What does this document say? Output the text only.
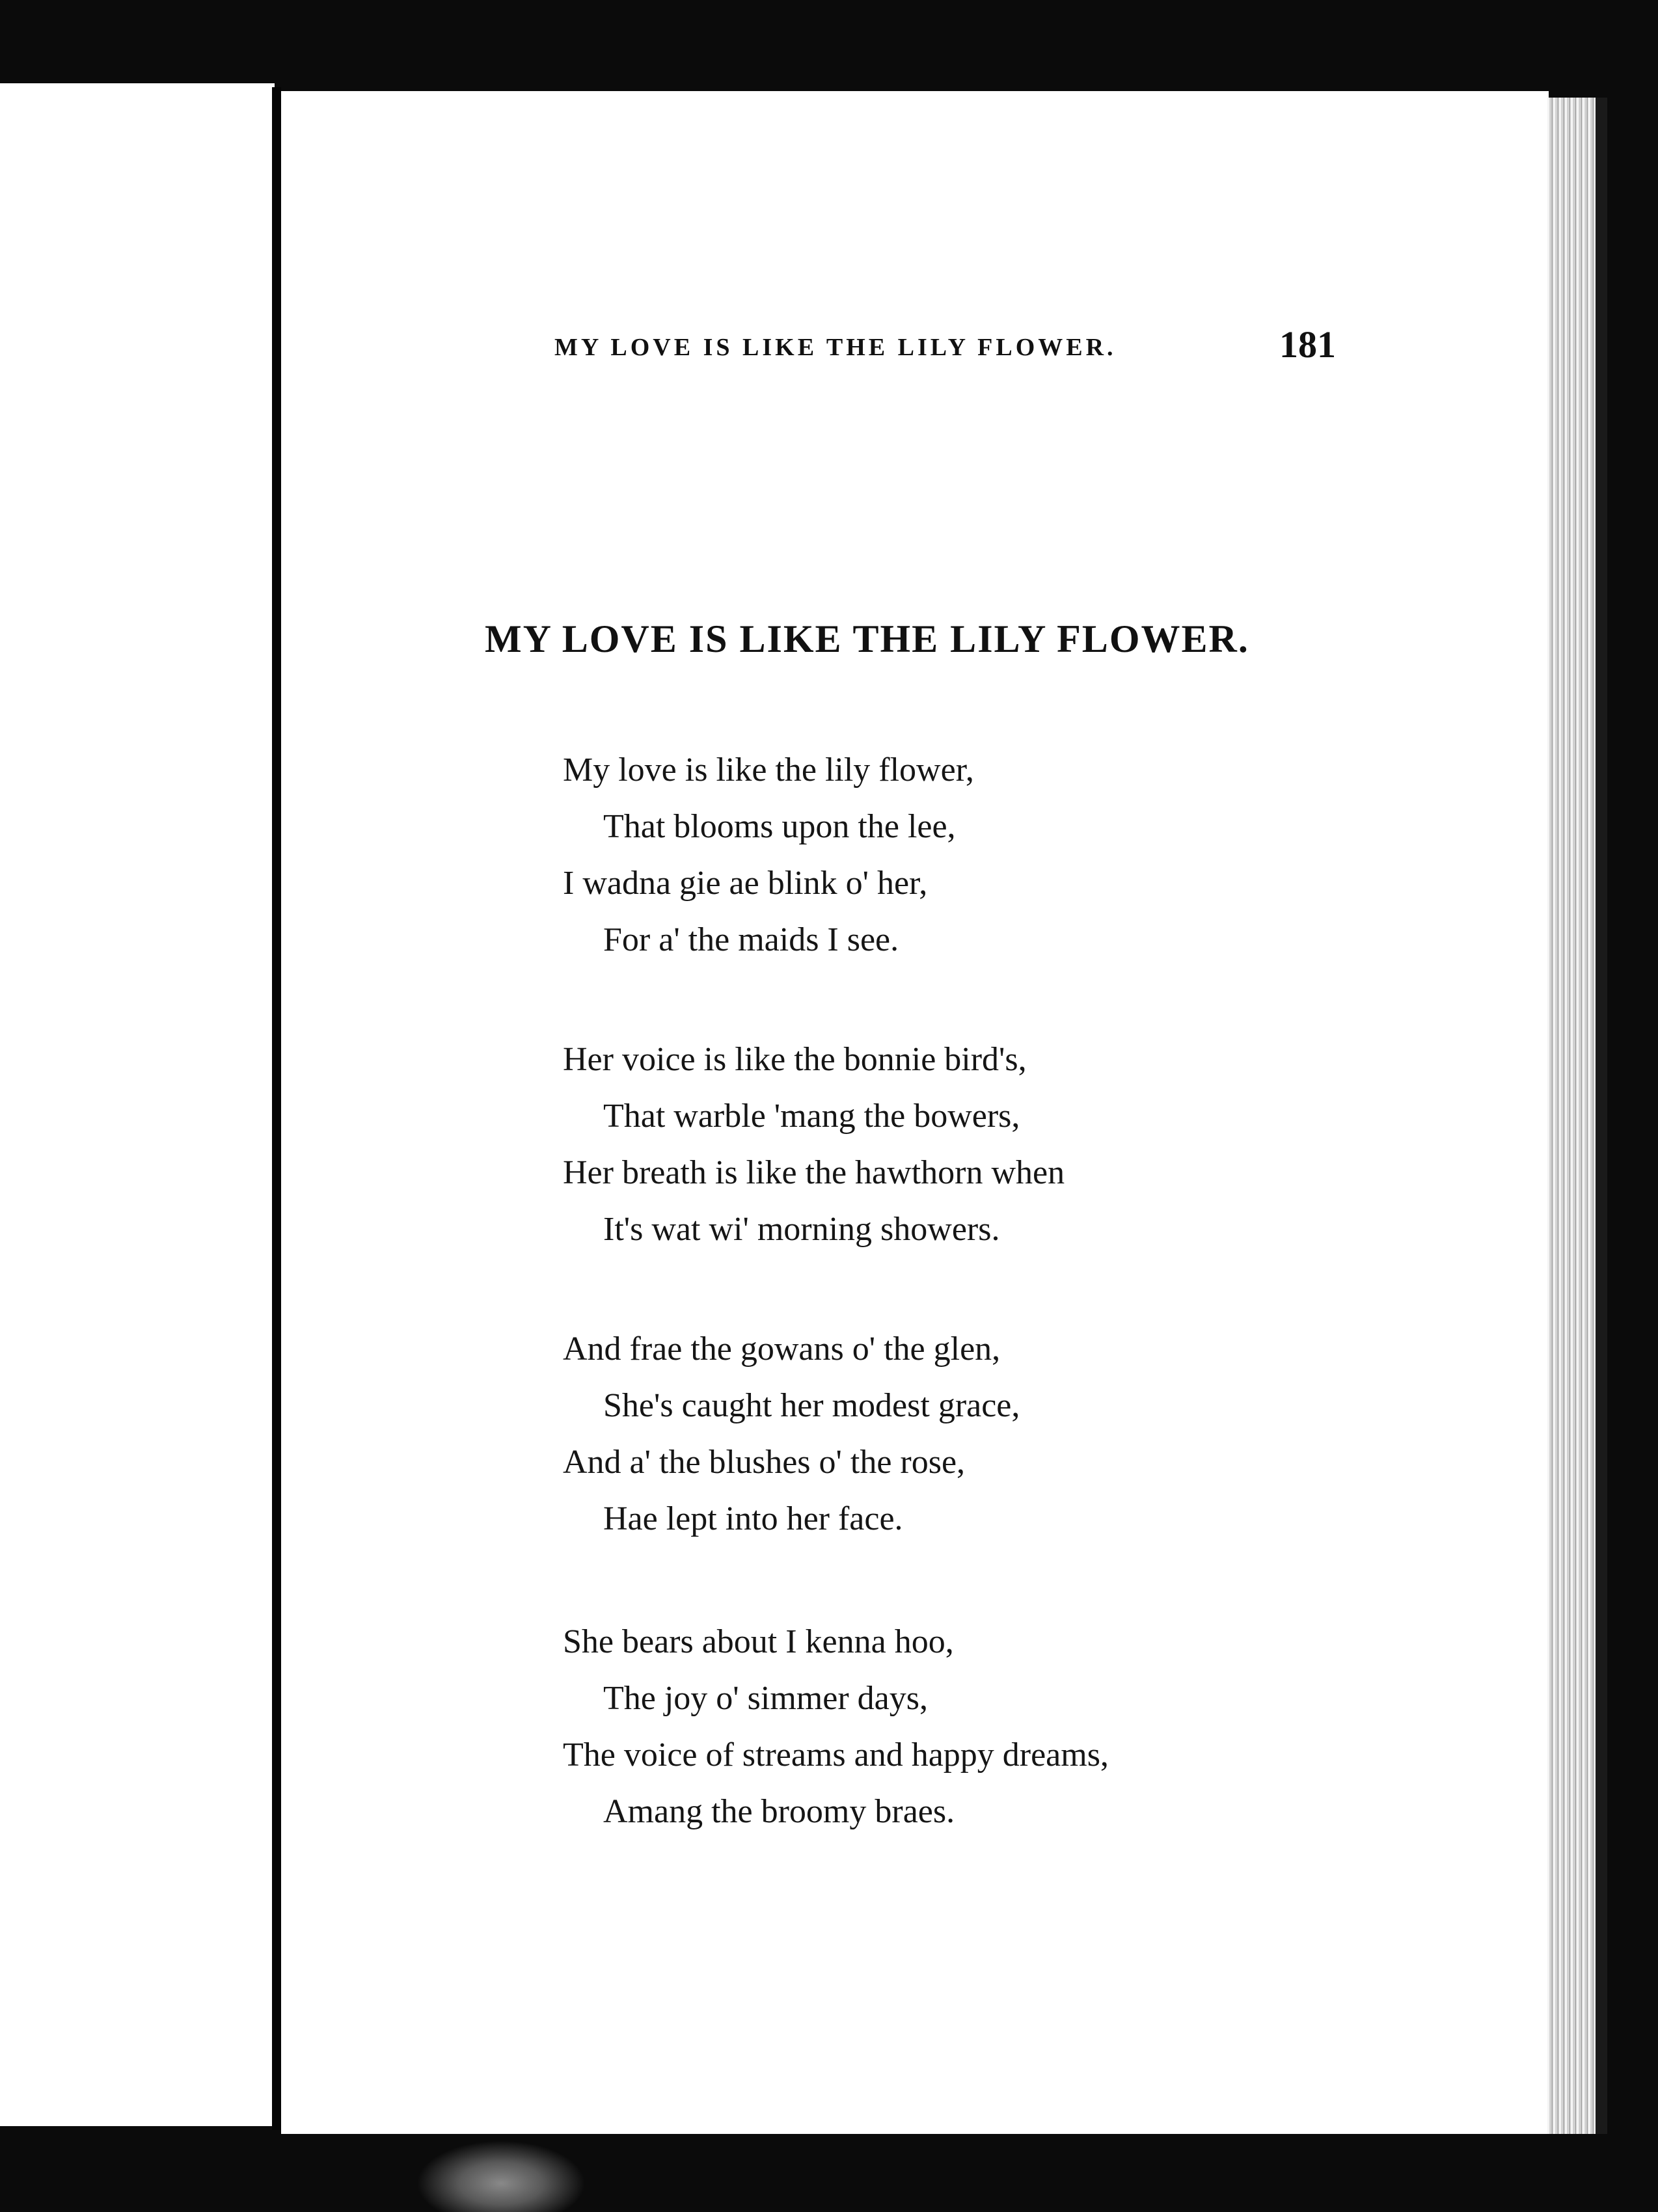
MY LOVE IS LIKE THE LILY FLOWER.	181
MY LOVE IS LIKE THE LILY FLOWER.
My love is like the lily flower,
That blooms upon the lee,
I wadna gie ae blink o' her,
For a' the maids I see.
Her voice is like the bonnie bird's,
That warble 'mang the bowers,
Her breath is like the hawthorn when
It's wat wi' morning showers.
And frae the gowans o' the glen,
She's caught her modest grace,
And a' the blushes o' the rose,
Hae lept into her face.
She bears about I kenna hoo,
The joy o' simmer days,
The voice of streams and happy dreams,
Amang the broomy braes.
